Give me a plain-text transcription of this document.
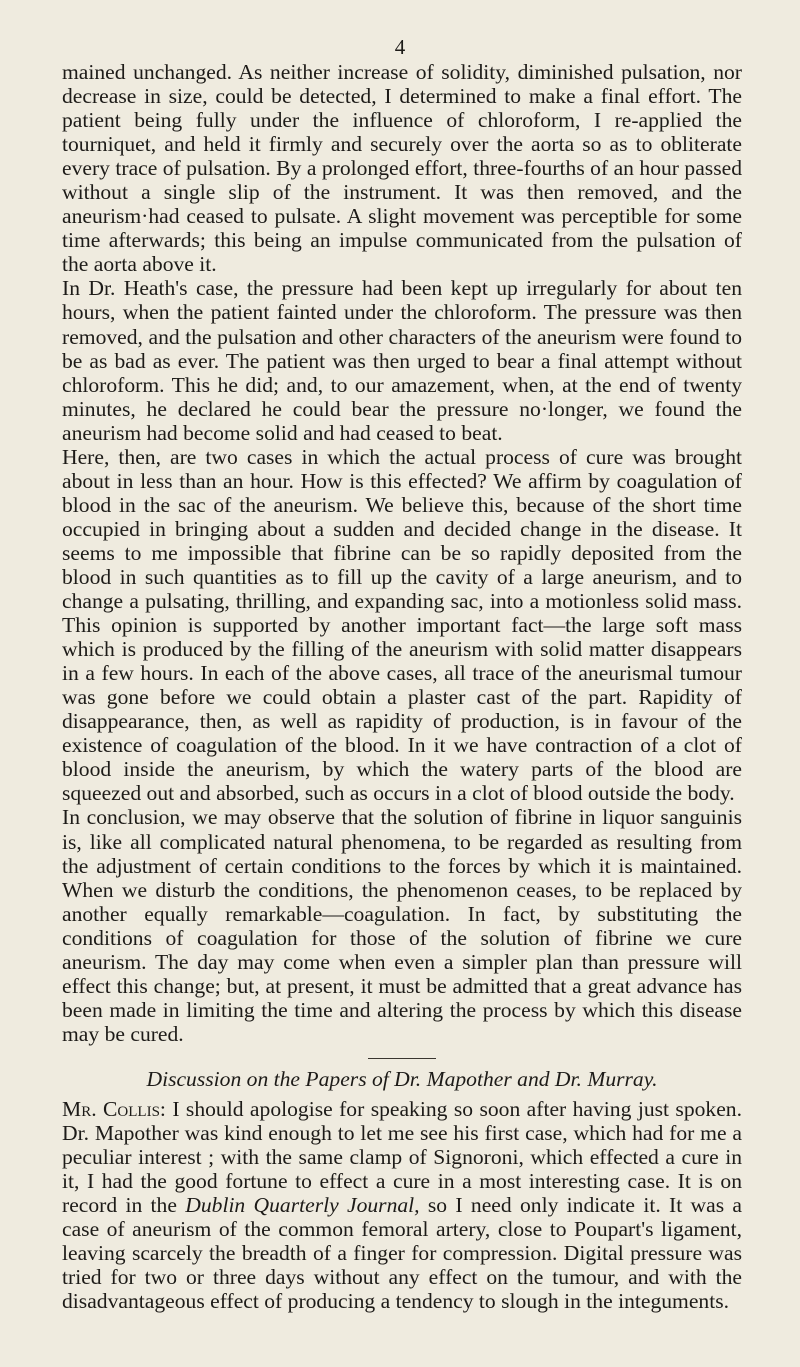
4

mained unchanged. As neither increase of solidity, diminished pulsation, nor decrease in size, could be detected, I determined to make a final effort. The patient being fully under the influence of chloroform, I re-applied the tourniquet, and held it firmly and securely over the aorta so as to obliterate every trace of pulsation. By a prolonged effort, three-fourths of an hour passed without a single slip of the instrument. It was then removed, and the aneurism·had ceased to pulsate. A slight movement was perceptible for some time afterwards; this being an impulse communicated from the pulsation of the aorta above it.

In Dr. Heath's case, the pressure had been kept up irregularly for about ten hours, when the patient fainted under the chloroform. The pressure was then removed, and the pulsation and other characters of the aneurism were found to be as bad as ever. The patient was then urged to bear a final attempt without chloroform. This he did; and, to our amazement, when, at the end of twenty minutes, he declared he could bear the pressure no·longer, we found the aneurism had become solid and had ceased to beat.

Here, then, are two cases in which the actual process of cure was brought about in less than an hour. How is this effected? We affirm by coagulation of blood in the sac of the aneurism. We believe this, because of the short time occupied in bringing about a sudden and decided change in the disease. It seems to me impossible that fibrine can be so rapidly deposited from the blood in such quantities as to fill up the cavity of a large aneurism, and to change a pulsating, thrilling, and expanding sac, into a motionless solid mass. This opinion is supported by another important fact—the large soft mass which is produced by the filling of the aneurism with solid matter disappears in a few hours. In each of the above cases, all trace of the aneurismal tumour was gone before we could obtain a plaster cast of the part. Rapidity of disappearance, then, as well as rapidity of production, is in favour of the existence of coagulation of the blood. In it we have contraction of a clot of blood inside the aneurism, by which the watery parts of the blood are squeezed out and absorbed, such as occurs in a clot of blood outside the body.

In conclusion, we may observe that the solution of fibrine in liquor sanguinis is, like all complicated natural phenomena, to be regarded as resulting from the adjustment of certain conditions to the forces by which it is maintained. When we disturb the conditions, the phenomenon ceases, to be replaced by another equally remarkable—coagulation. In fact, by substituting the conditions of coagulation for those of the solution of fibrine we cure aneurism. The day may come when even a simpler plan than pressure will effect this change; but, at present, it must be admitted that a great advance has been made in limiting the time and altering the process by which this disease may be cured.

Discussion on the Papers of Dr. Mapother and Dr. Murray.

Mr. Collis: I should apologise for speaking so soon after having just spoken. Dr. Mapother was kind enough to let me see his first case, which had for me a peculiar interest ; with the same clamp of Signoroni, which effected a cure in it, I had the good fortune to effect a cure in a most interesting case. It is on record in the Dublin Quarterly Journal, so I need only indicate it. It was a case of aneurism of the common femoral artery, close to Poupart's ligament, leaving scarcely the breadth of a finger for compression. Digital pressure was tried for two or three days without any effect on the tumour, and with the disadvantageous effect of producing a tendency to slough in the integuments.
